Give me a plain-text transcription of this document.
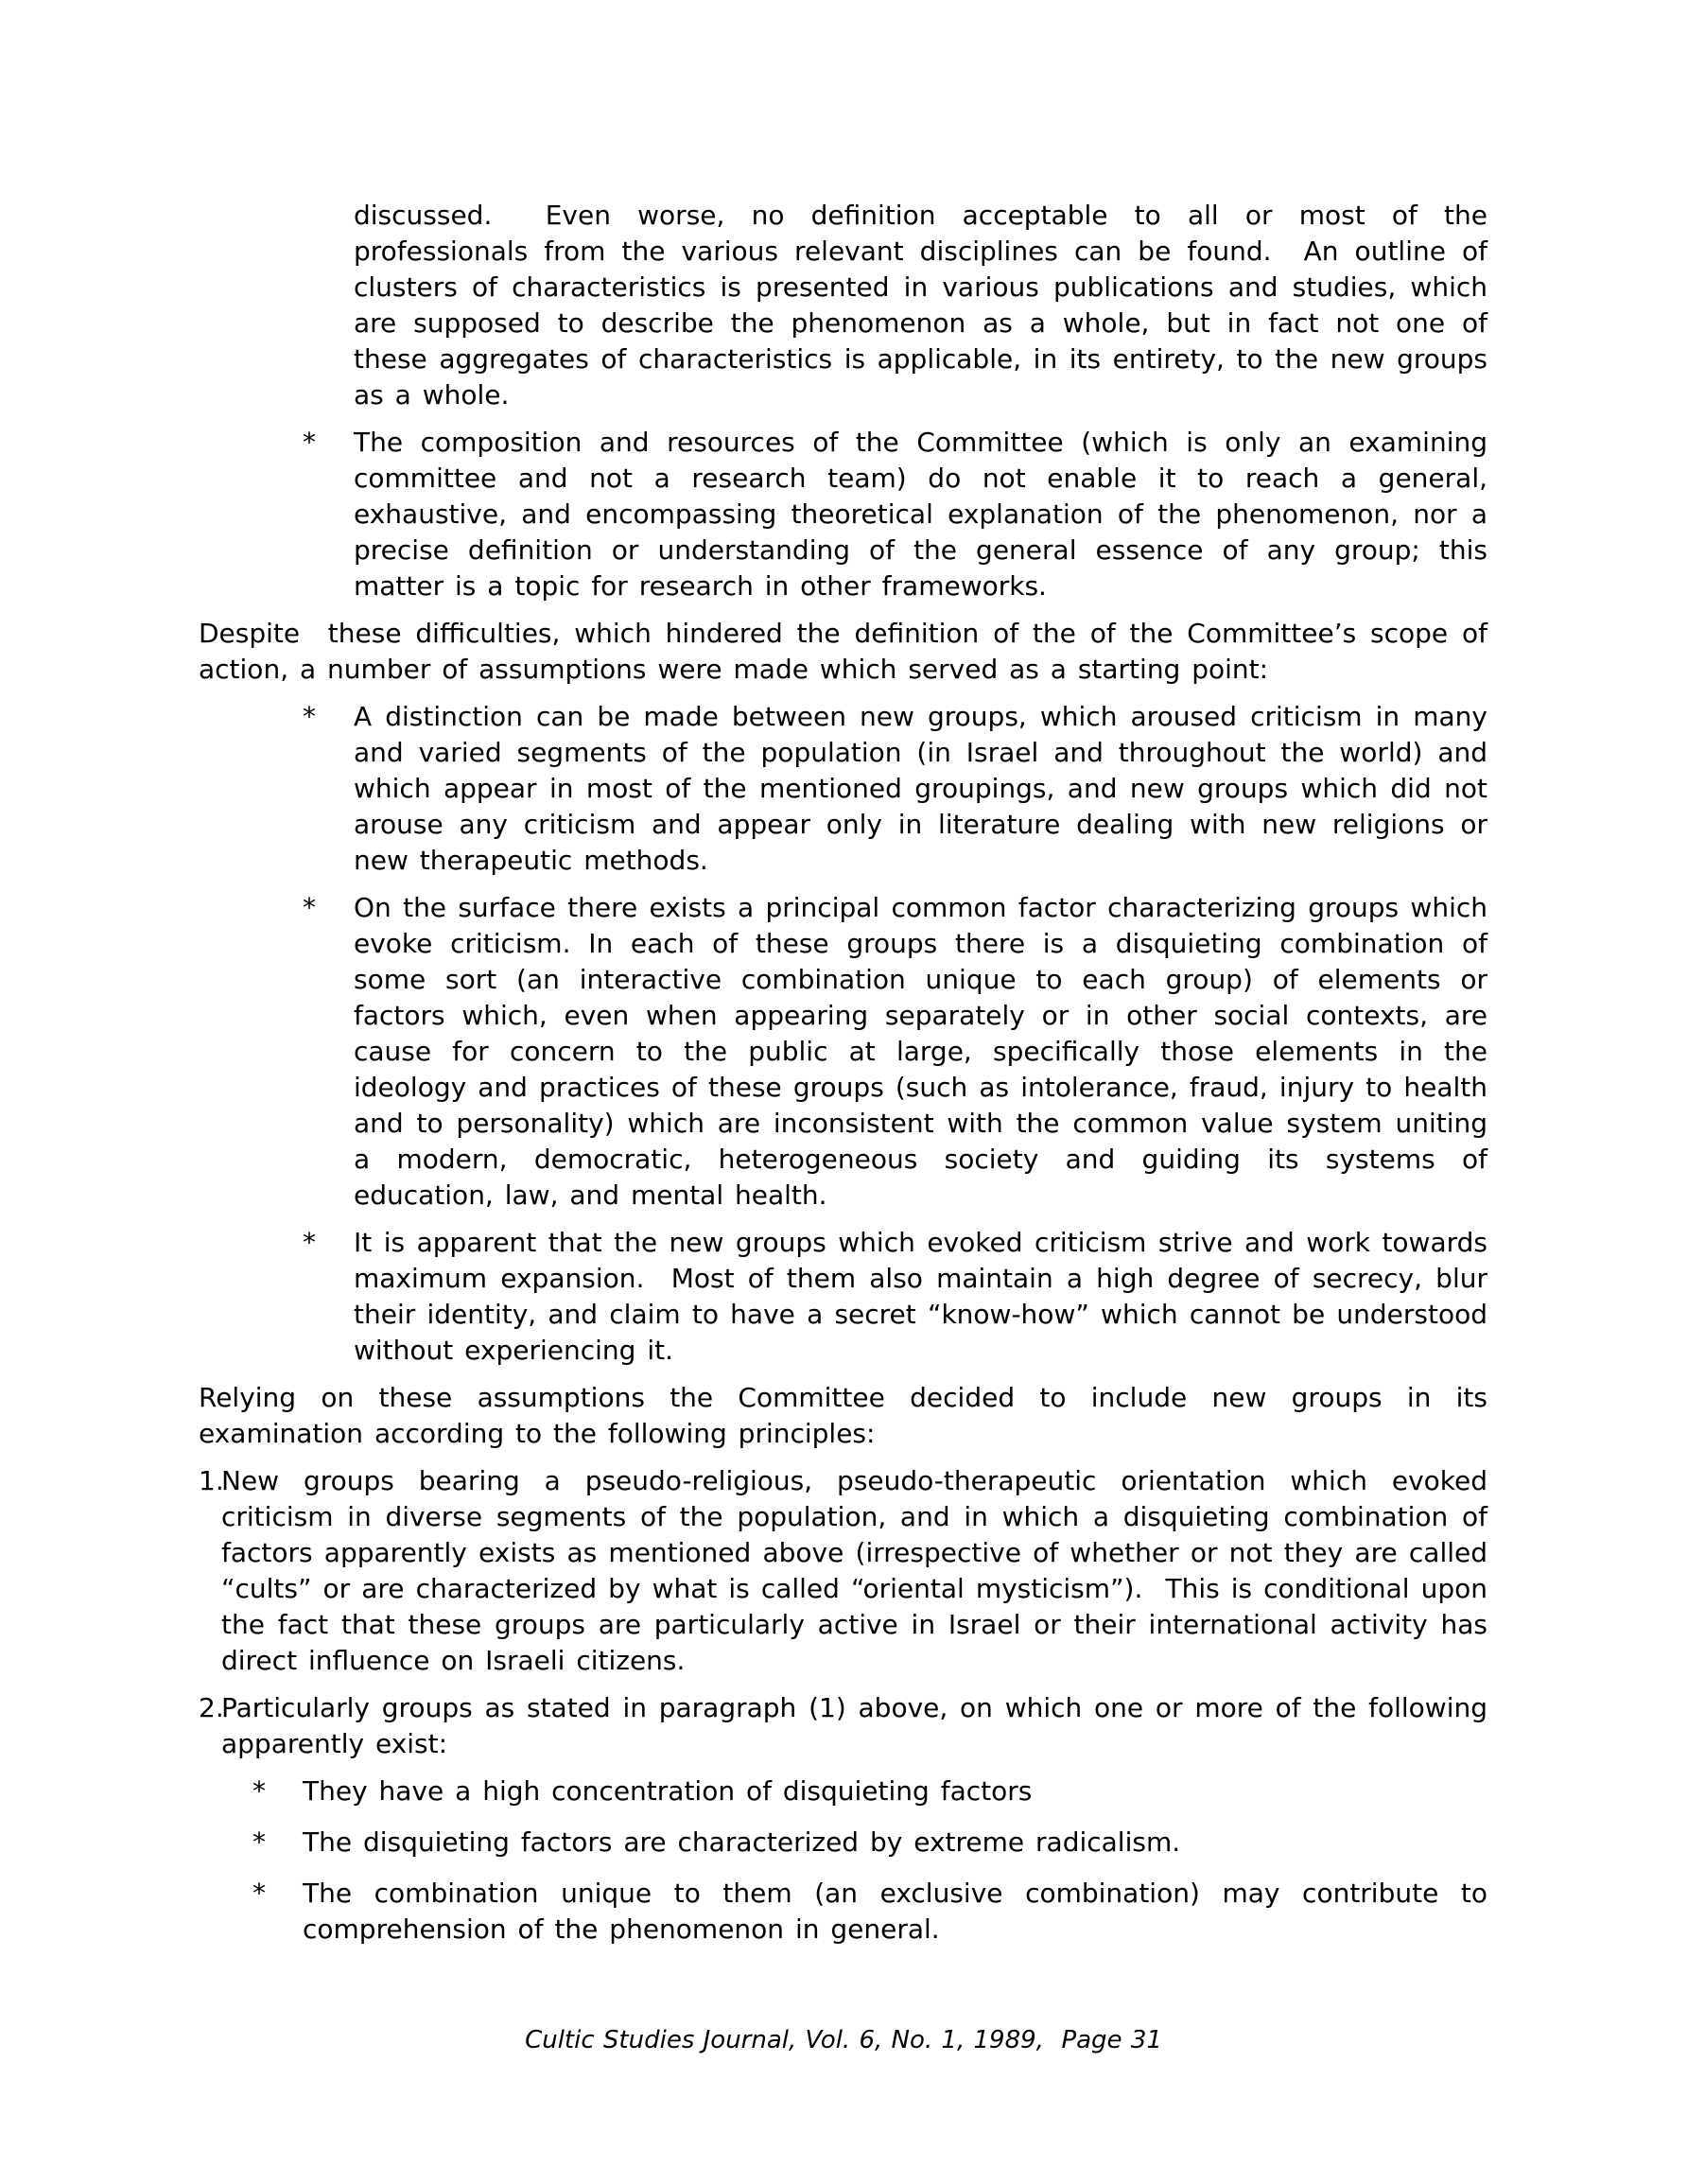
discussed.  Even worse, no definition acceptable to all or most of the professionals from the various relevant disciplines can be found.  An outline of clusters of characteristics is presented in various publications and studies, which are supposed to describe the phenomenon as a whole, but in fact not one of these aggregates of characteristics is applicable, in its entirety, to the new groups as a whole.
* The composition and resources of the Committee (which is only an examining committee and not a research team) do not enable it to reach a general, exhaustive, and encompassing theoretical explanation of the phenomenon, nor a precise definition or understanding of the general essence of any group; this matter is a topic for research in other frameworks.
Despite  these difficulties, which hindered the definition of the of the Committee’s scope of action, a number of assumptions were made which served as a starting point:
* A distinction can be made between new groups, which aroused criticism in many and varied segments of the population (in Israel and throughout the world) and which appear in most of the mentioned groupings, and new groups which did not arouse any criticism and appear only in literature dealing with new religions or new therapeutic methods.
* On the surface there exists a principal common factor characterizing groups which evoke criticism. In each of these groups there is a disquieting combination of some sort (an interactive combination unique to each group) of elements or factors which, even when appearing separately or in other social contexts, are cause for concern to the public at large, specifically those elements in the ideology and practices of these groups (such as intolerance, fraud, injury to health and to personality) which are inconsistent with the common value system uniting a modern, democratic, heterogeneous society and guiding its systems of education, law, and mental health.
* It is apparent that the new groups which evoked criticism strive and work towards maximum expansion.  Most of them also maintain a high degree of secrecy, blur their identity, and claim to have a secret “know-how” which cannot be understood without experiencing it.
Relying on these assumptions the Committee decided to include new groups in its examination according to the following principles:
1.
New groups bearing a pseudo-religious, pseudo-therapeutic orientation which evoked criticism in diverse segments of the population, and in which a disquieting combination of factors apparently exists as mentioned above (irrespective of whether or not they are called “cults” or are characterized by what is called “oriental mysticism”).  This is conditional upon the fact that these groups are particularly active in Israel or their international activity has direct influence on Israeli citizens.
2.
Particularly groups as stated in paragraph (1) above, on which one or more of the following apparently exist:
* They have a high concentration of disquieting factors
* The disquieting factors are characterized by extreme radicalism.
* The combination unique to them (an exclusive combination) may contribute to comprehension of the phenomenon in general.
Cultic Studies Journal, Vol. 6, No. 1, 1989,  Page 31
